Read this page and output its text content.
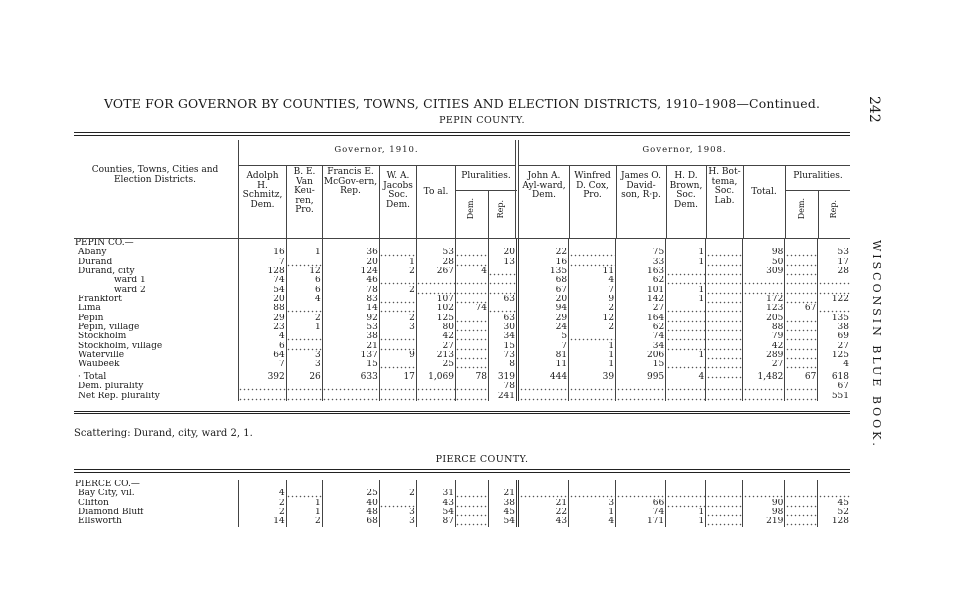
VOTE FOR GOVERNOR BY COUNTIES, TOWNS, CITIES AND ELECTION DISTRICTS, 1910–1908—Continued.	242
WISCONSIN BLUE BOOK.
PEPIN COUNTY.
Counties, Towns, Cities and Election Districts.
Governor, 1910.	Governor, 1908.
Adolph H. Schmitz, Dem.
B. E. Van Keu-ren, Pro.
Francis E. McGov-ern, Rep.
W. A. Jacobs Soc. Dem.
To al.
Pluralities.
Dem.	Rep.
John A. Ayl-ward, Dem.
Winfred D. Cox, Pro.
James O. David-son, R·p.
H. D. Brown, Soc. Dem.
H. Bot-tema, Soc. Lab.
Total.
Pluralities.
Dem.	Rep.
PEPIN CO.—															
Abany	16	1	36		53		20	22		75	1		98		53
Durand	7		20	1	28		13	16		33	1		50		17
Durand, city	128	12	124	2	267	4		135	11	163			309		28
ward 1	74	6	46					68	4	62					
ward 2	54	6	78	2				67	7	101	1				
Frankfort	20	4	83		107		63	20	9	142	1		172		122
Lima	88		14		102	74		94	2	27			123	67	
Pepin	29	2	92	2	125		63	29	12	164			205		135
Pepin, village	23	1	53	3	80		30	24	2	62			88		38
Stockholm	4		38		42		34	5		74			79		69
Stockholm, village	6		21		27		15	7	1	34			42		27
Waterville	64	3	137	9	213		73	81	1	206	1		289		125
Waubeek	7	3	15		25		8	11	1	15			27		4
· Total	392	26	633	17	1,069	78	319	444	39	995	4		1,482	67	618
Dem. plurality							78								67
Net Rep. plurality							241								551
Scattering: Durand, city, ward 2, 1.
PIERCE COUNTY.
PIERCE CO.—															
Bay City, vil.	4		25	2	31		21								
Clifton	2	1	40		43		38	21	3	66			90		45
Diamond Bluff	2	1	48	3	54		45	22	1	74	1		98		52
Ellsworth	14	2	68	3	87		54	43	4	171	1		219		128
